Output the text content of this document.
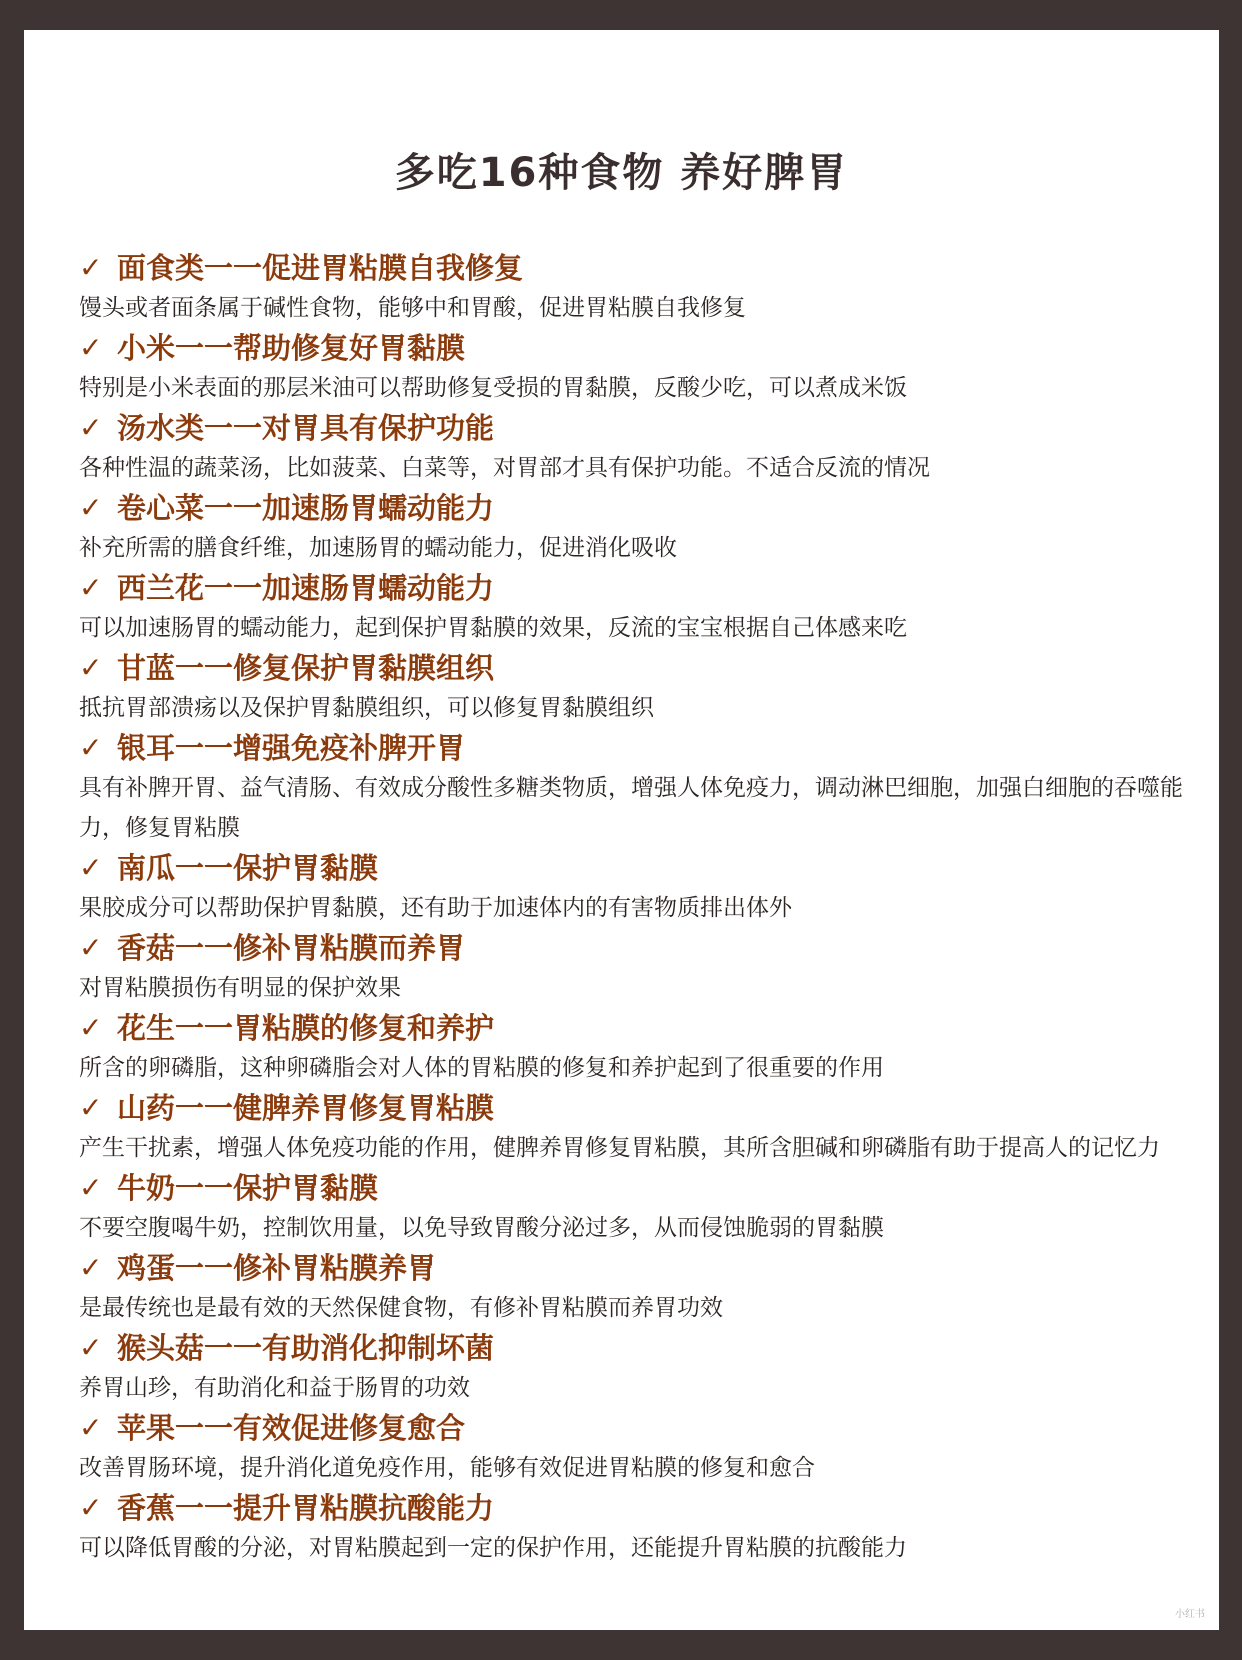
多吃16种食物 养好脾胃
✓ 面食类一一促进胃粘膜自我修复
馒头或者面条属于碱性食物，能够中和胃酸，促进胃粘膜自我修复
✓ 小米一一帮助修复好胃黏膜
特别是小米表面的那层米油可以帮助修复受损的胃黏膜，反酸少吃，可以煮成米饭
✓ 汤水类一一对胃具有保护功能
各种性温的蔬菜汤，比如菠菜、白菜等，对胃部才具有保护功能。不适合反流的情况
✓ 卷心菜一一加速肠胃蠕动能力
补充所需的膳食纤维，加速肠胃的蠕动能力，促进消化吸收
✓ 西兰花一一加速肠胃蠕动能力
可以加速肠胃的蠕动能力，起到保护胃黏膜的效果，反流的宝宝根据自己体感来吃
✓ 甘蓝一一修复保护胃黏膜组织
抵抗胃部溃疡以及保护胃黏膜组织，可以修复胃黏膜组织
✓ 银耳一一增强免疫补脾开胃
具有补脾开胃、益气清肠、有效成分酸性多糖类物质，增强人体免疫力，调动淋巴细胞，加强白细胞的吞噬能力，修复胃粘膜
✓ 南瓜一一保护胃黏膜
果胶成分可以帮助保护胃黏膜，还有助于加速体内的有害物质排出体外
✓ 香菇一一修补胃粘膜而养胃
对胃粘膜损伤有明显的保护效果
✓ 花生一一胃粘膜的修复和养护
所含的卵磷脂，这种卵磷脂会对人体的胃粘膜的修复和养护起到了很重要的作用
✓ 山药一一健脾养胃修复胃粘膜
产生干扰素，增强人体免疫功能的作用，健脾养胃修复胃粘膜，其所含胆碱和卵磷脂有助于提高人的记忆力
✓ 牛奶一一保护胃黏膜
不要空腹喝牛奶，控制饮用量，以免导致胃酸分泌过多，从而侵蚀脆弱的胃黏膜
✓ 鸡蛋一一修补胃粘膜养胃
是最传统也是最有效的天然保健食物，有修补胃粘膜而养胃功效
✓ 猴头菇一一有助消化抑制坏菌
养胃山珍，有助消化和益于肠胃的功效
✓ 苹果一一有效促进修复愈合
改善胃肠环境，提升消化道免疫作用，能够有效促进胃粘膜的修复和愈合
✓ 香蕉一一提升胃粘膜抗酸能力
可以降低胃酸的分泌，对胃粘膜起到一定的保护作用，还能提升胃粘膜的抗酸能力
小红书
